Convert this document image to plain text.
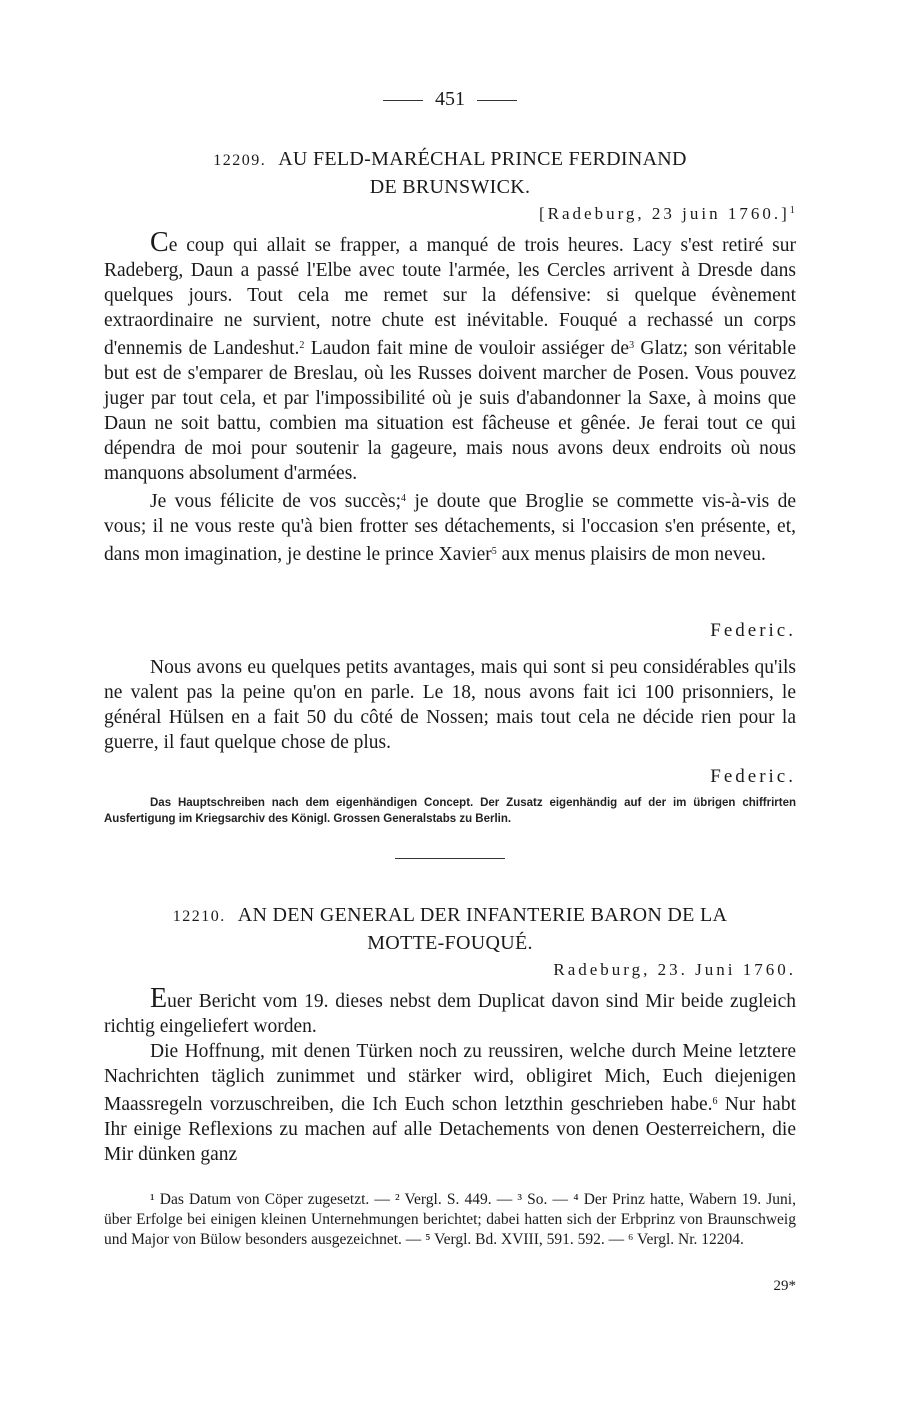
451
12209. AU FELD-MARÉCHAL PRINCE FERDINAND
DE BRUNSWICK.
[Radeburg, 23 juin 1760.]$^1$

Ce coup qui allait se frapper, a manqué de trois heures. Lacy s'est retiré sur Radeberg, Daun a passé l'Elbe avec toute l'armée, les Cercles arrivent à Dresde dans quelques jours. Tout cela me remet sur la défensive: si quelque évènement extraordinaire ne survient, notre chute est inévitable. Fouqué a rechassé un corps d'ennemis de Landeshut.$^2$ Laudon fait mine de vouloir assiéger $de^3$ Glatz; son véritable but est de s'emparer de Breslau, où les Russes doivent marcher de Posen. Vous pouvez juger par tout cela, et par l'impossibilité où je suis d'abandonner la Saxe, à moins que Daun ne soit battu, combien ma situation est fâcheuse et gênée. Je ferai tout ce qui dépendra de moi pour soutenir la gageure, mais nous avons deux endroits où nous manquons absolument d'armées.

Je vous félicite de vos succès;$^4$ je doute que Broglie se commette vis-à-vis de vous; il ne vous reste qu'à bien frotter ses détachements, si l'occasion s'en présente, et, dans mon imagination, je destine le prince Xavier$^5$ aux menus plaisirs de mon neveu.

Federic.

Nous avons eu quelques petits avantages, mais qui sont si peu considérables qu'ils ne valent pas la peine qu'on en parle. Le 18, nous avons fait ici 100 prisonniers, le général Hülsen en a fait 50 du côté de Nossen; mais tout cela ne décide rien pour la guerre, il faut quelque chose de plus.

Federic.
Das Hauptschreiben nach dem eigenhändigen Concept. Der Zusatz eigenhändig auf der im übrigen chiffrirten Ausfertigung im Kriegsarchiv des Königl. Grossen Generalstabs zu Berlin.
12210. AN DEN GENERAL DER INFANTERIE BARON DE LA
MOTTE-FOUQUÉ.
Radeburg, 23. Juni 1760.

Euer Bericht vom 19. dieses nebst dem Duplicat davon sind Mir beide zugleich richtig eingeliefert worden.

Die Hoffnung, mit denen Türken noch zu reussiren, welche durch Meine letztere Nachrichten täglich zunimmet und stärker wird, obligiret Mich, Euch diejenigen Maassregeln vorzuschreiben, die Ich Euch schon letzthin geschrieben habe.$^6$ Nur habt Ihr einige Reflexions zu machen auf alle Detachements von denen Oesterreichern, die Mir dünken ganz

¹ Das Datum von Cöper zugesetzt. — ² Vergl. S. 449. — ³ So. — ⁴ Der Prinz hatte, Wabern 19. Juni, über Erfolge bei einigen kleinen Unternehmungen berichtet; dabei hatten sich der Erbprinz von Braunschweig und Major von Bülow besonders ausgezeichnet. — ⁵ Vergl. Bd. XVIII, 591. 592. — ⁶ Vergl. Nr. 12204.
29*
